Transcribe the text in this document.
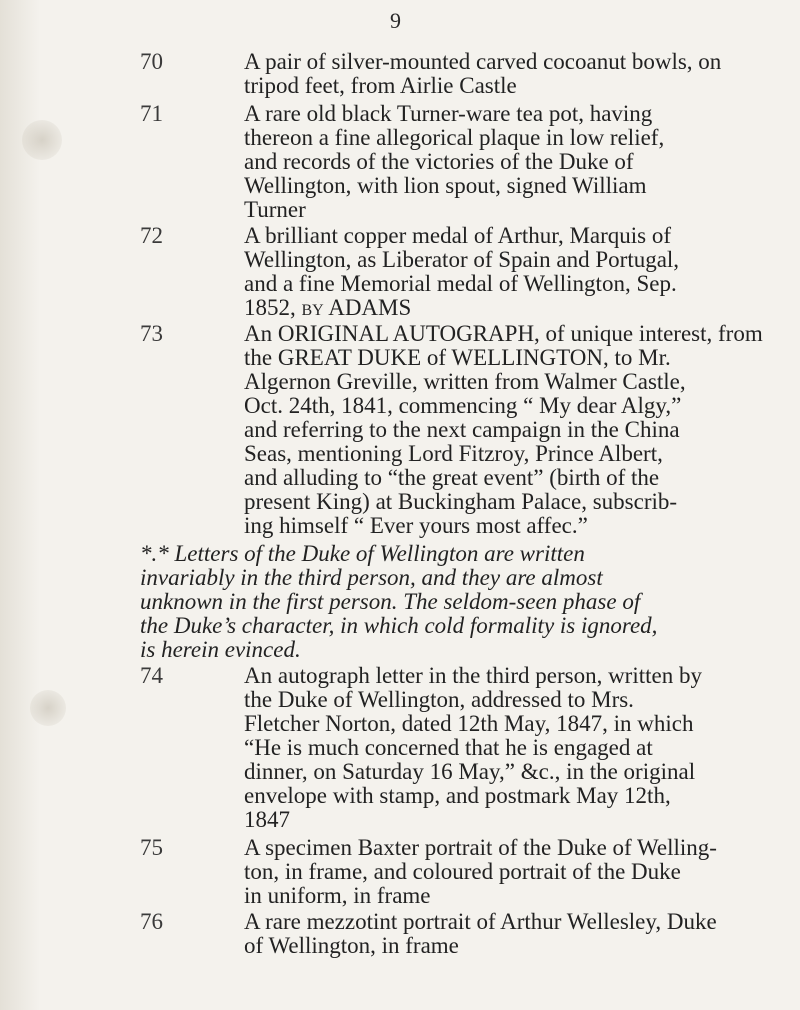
9
70	A pair of silver-mounted carved cocoanut bowls, on
tripod feet, from Airlie Castle
71	A rare old black Turner-ware tea pot, having
thereon a fine allegorical plaque in low relief,
and records of the victories of the Duke of
Wellington, with lion spout, signed William
Turner
72	A brilliant copper medal of Arthur, Marquis of
Wellington, as Liberator of Spain and Portugal,
and a fine Memorial medal of Wellington, Sep.
1852, by ADAMS
73	An ORIGINAL AUTOGRAPH, of unique interest, from
the GREAT DUKE of WELLINGTON, to Mr.
Algernon Greville, written from Walmer Castle,
Oct. 24th, 1841, commencing “ My dear Algy,”
and referring to the next campaign in the China
Seas, mentioning Lord Fitzroy, Prince Albert,
and alluding to “the great event” (birth of the
present King) at Buckingham Palace, subscrib-
ing himself “ Ever yours most affec.”
*.* Letters of the Duke of Wellington are written
invariably in the third person, and they are almost
unknown in the first person. The seldom-seen phase of
the Duke’s character, in which cold formality is ignored,
is herein evinced.
74	An autograph letter in the third person, written by
the Duke of Wellington, addressed to Mrs.
Fletcher Norton, dated 12th May, 1847, in which
“He is much concerned that he is engaged at
dinner, on Saturday 16 May,” &c., in the original
envelope with stamp, and postmark May 12th,
1847
75	A specimen Baxter portrait of the Duke of Welling-
ton, in frame, and coloured portrait of the Duke
in uniform, in frame
76	A rare mezzotint portrait of Arthur Wellesley, Duke
of Wellington, in frame
